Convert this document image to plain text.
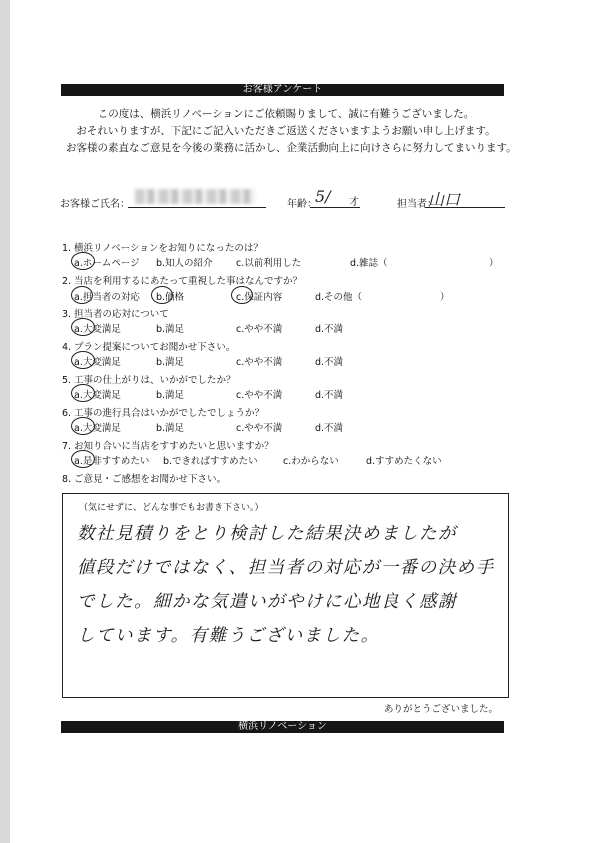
お客様アンケート
この度は、横浜リノベーションにご依頼賜りまして、誠に有難うございました。
おそれいりますが、下記にご記入いただきご返送くださいますようお願い申し上げます。
お客様の素直なご意見を今後の業務に活かし、企業活動向上に向けさらに努力してまいります。
お客様ご氏名：	年齢：
5/ 才	担当者：
山口
1. 横浜リノベーションをお知りになったのは？
a.ホームページ b.知人の紹介 c.以前利用した	d.雑誌（	）
2. 当店を利用するにあたって重視した事はなんですか？
a.担当者の対応 b.価格	c.保証内容	d.その他（	）
3. 担当者の応対について
a.大変満足	b.満足	c.やや不満	d.不満
4. プラン提案についてお聞かせ下さい。
a.大変満足	b.満足	c.やや不満	d.不満
5. 工事の仕上がりは、いかがでしたか？
a.大変満足	b.満足	c.やや不満	d.不満
6. 工事の進行具合はいかがでしたでしょうか？
a.大変満足	b.満足	c.やや不満	d.不満
7. お知り合いに当店をすすめたいと思いますか？
a.是非すすめたい b.できればすすめたい	c.わからない	d.すすめたくない
8. ご意見・ご感想をお聞かせ下さい。
（気にせずに、どんな事でもお書き下さい。）
数社見積りをとり検討した結果決めましたが
値段だけではなく、担当者の対応が一番の決め手
でした。細かな気遣いがやけに心地良く感謝
しています。有難うございました。
ありがとうございました。
横浜リノベーション
